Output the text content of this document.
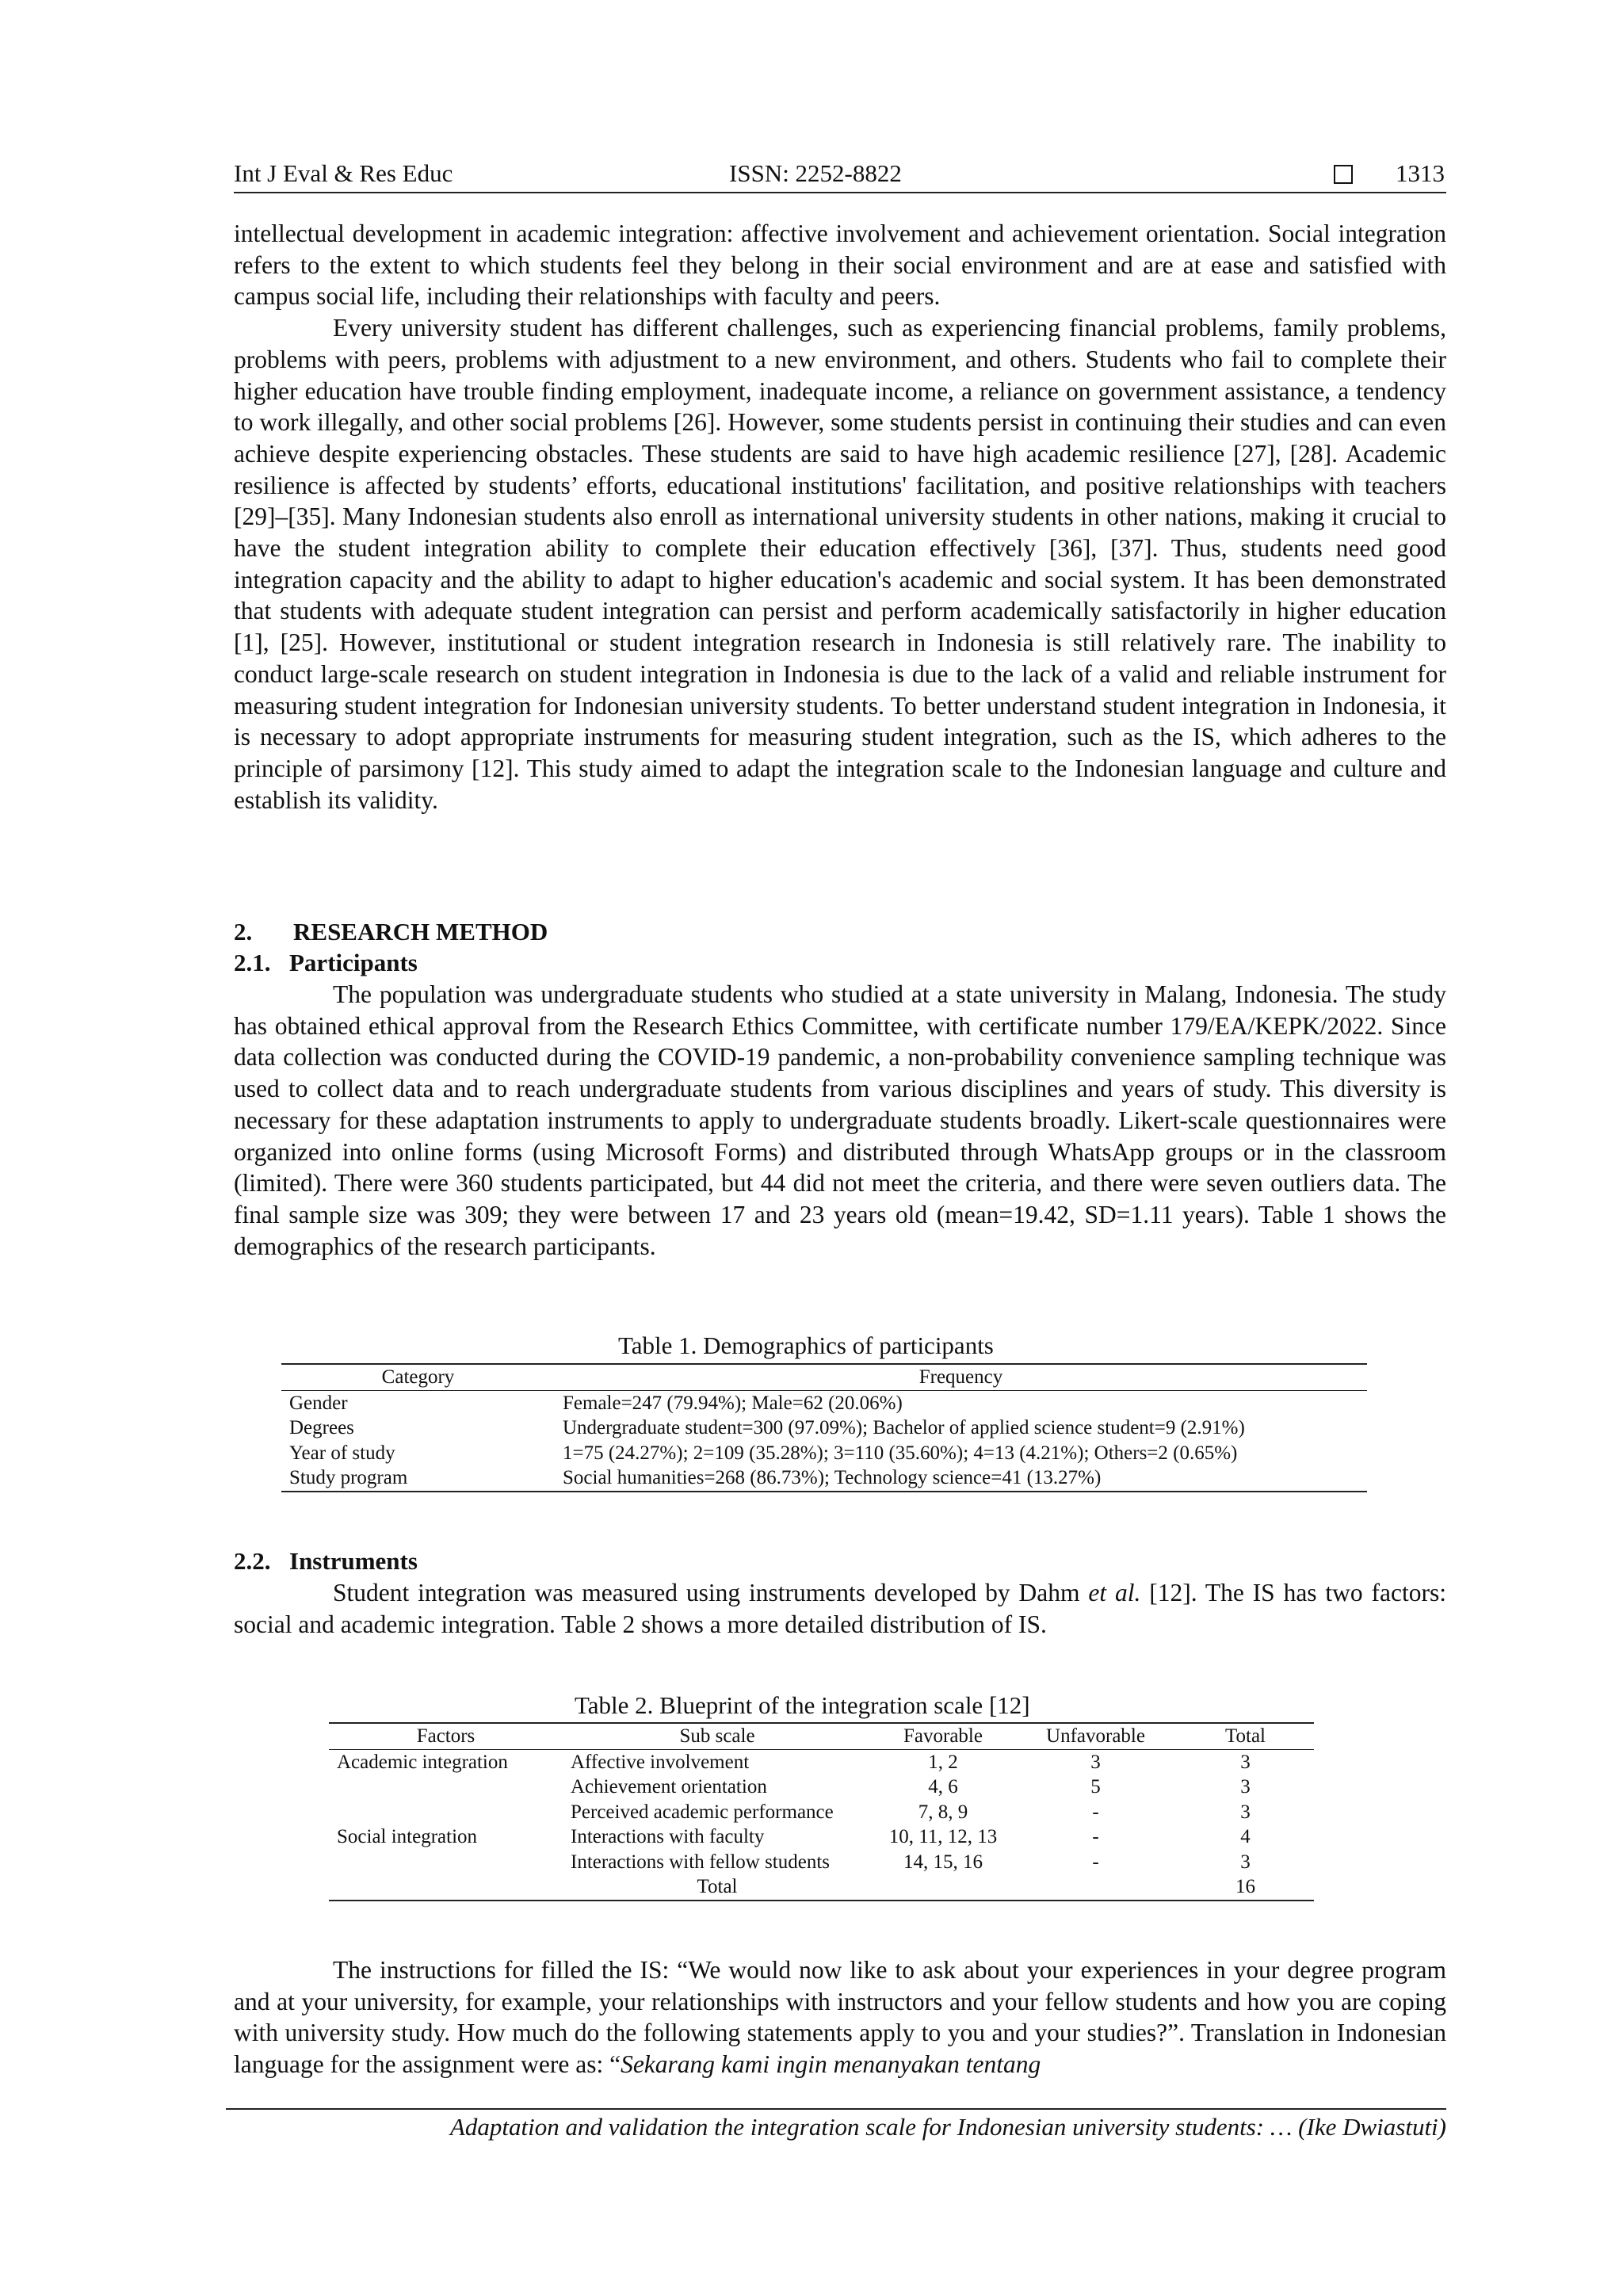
Int J Eval & Res Educ	ISSN: 2252-8822	1313

intellectual development in academic integration: affective involvement and achievement orientation. Social integration refers to the extent to which students feel they belong in their social environment and are at ease and satisfied with campus social life, including their relationships with faculty and peers.

Every university student has different challenges, such as experiencing financial problems, family problems, problems with peers, problems with adjustment to a new environment, and others. Students who fail to complete their higher education have trouble finding employment, inadequate income, a reliance on government assistance, a tendency to work illegally, and other social problems [26]. However, some students persist in continuing their studies and can even achieve despite experiencing obstacles. These students are said to have high academic resilience [27], [28]. Academic resilience is affected by students’ efforts, educational institutions' facilitation, and positive relationships with teachers [29]–[35]. Many Indonesian students also enroll as international university students in other nations, making it crucial to have the student integration ability to complete their education effectively [36], [37]. Thus, students need good integration capacity and the ability to adapt to higher education's academic and social system. It has been demonstrated that students with adequate student integration can persist and perform academically satisfactorily in higher education [1], [25]. However, institutional or student integration research in Indonesia is still relatively rare. The inability to conduct large-scale research on student integration in Indonesia is due to the lack of a valid and reliable instrument for measuring student integration for Indonesian university students. To better understand student integration in Indonesia, it is necessary to adopt appropriate instruments for measuring student integration, such as the IS, which adheres to the principle of parsimony [12]. This study aimed to adapt the integration scale to the Indonesian language and culture and establish its validity.

2. RESEARCH METHOD
2.1. Participants

The population was undergraduate students who studied at a state university in Malang, Indonesia. The study has obtained ethical approval from the Research Ethics Committee, with certificate number 179/EA/KEPK/2022. Since data collection was conducted during the COVID-19 pandemic, a non-probability convenience sampling technique was used to collect data and to reach undergraduate students from various disciplines and years of study. This diversity is necessary for these adaptation instruments to apply to undergraduate students broadly. Likert-scale questionnaires were organized into online forms (using Microsoft Forms) and distributed through WhatsApp groups or in the classroom (limited). There were 360 students participated, but 44 did not meet the criteria, and there were seven outliers data. The final sample size was 309; they were between 17 and 23 years old (mean=19.42, SD=1.11 years). Table 1 shows the demographics of the research participants.

Table 1. Demographics of participants
Category	Frequency
Gender	Female=247 (79.94%); Male=62 (20.06%)
Degrees	Undergraduate student=300 (97.09%); Bachelor of applied science student=9 (2.91%)
Year of study	1=75 (24.27%); 2=109 (35.28%); 3=110 (35.60%); 4=13 (4.21%); Others=2 (0.65%)
Study program	Social humanities=268 (86.73%); Technology science=41 (13.27%)
2.2. Instruments

Student integration was measured using instruments developed by Dahm et al. [12]. The IS has two factors: social and academic integration. Table 2 shows a more detailed distribution of IS.

Table 2. Blueprint of the integration scale [12]
Factors	Sub scale	Favorable	Unfavorable	Total
Academic integration	Affective involvement	1, 2	3	3
	Achievement orientation	4, 6	5	3
	Perceived academic performance	7, 8, 9	-	3
Social integration	Interactions with faculty	10, 11, 12, 13	-	4
	Interactions with fellow students	14, 15, 16	-	3
	Total			16

The instructions for filled the IS: “We would now like to ask about your experiences in your degree program and at your university, for example, your relationships with instructors and your fellow students and how you are coping with university study. How much do the following statements apply to you and your studies?”. Translation in Indonesian language for the assignment were as: “Sekarang kami ingin menanyakan tentang

Adaptation and validation the integration scale for Indonesian university students: … (Ike Dwiastuti)
